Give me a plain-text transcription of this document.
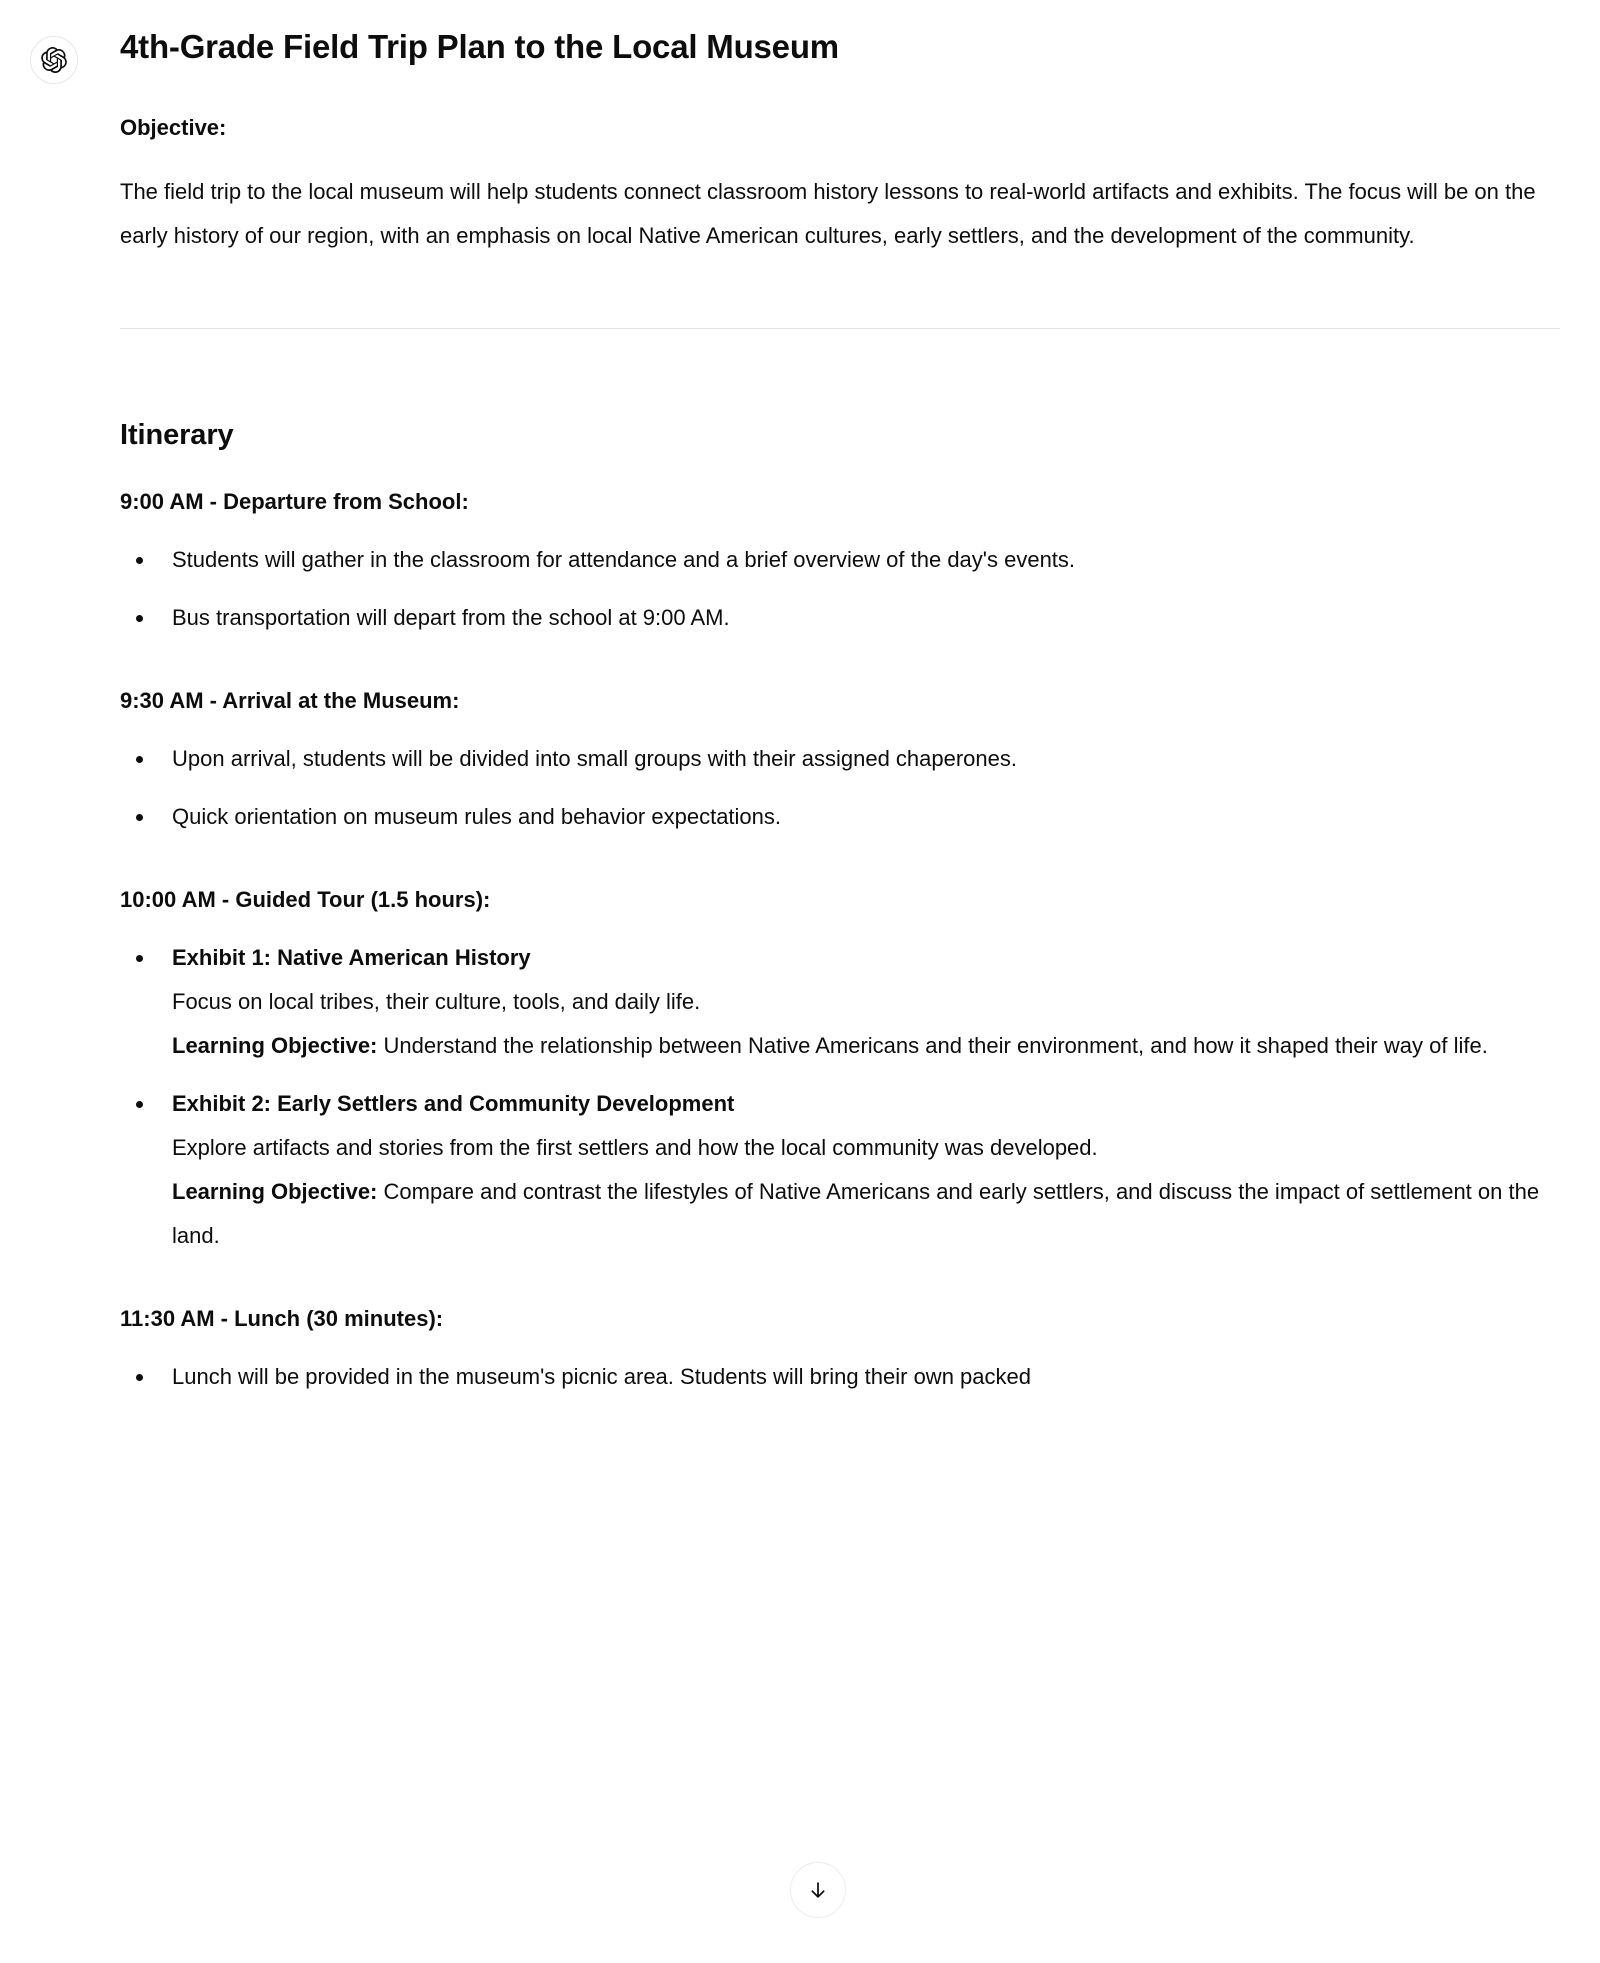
4th-Grade Field Trip Plan to the Local Museum

Objective:

The field trip to the local museum will help students connect classroom history lessons to real-world artifacts and exhibits. The focus will be on the early history of our region, with an emphasis on local Native American cultures, early settlers, and the development of the community.

Itinerary

9:00 AM - Departure from School:

Students will gather in the classroom for attendance and a brief overview of the day's events.
Bus transportation will depart from the school at 9:00 AM.

9:30 AM - Arrival at the Museum:

Upon arrival, students will be divided into small groups with their assigned chaperones.
Quick orientation on museum rules and behavior expectations.

10:00 AM - Guided Tour (1.5 hours):

Exhibit 1: Native American History
Focus on local tribes, their culture, tools, and daily life.
Learning Objective: Understand the relationship between Native Americans and their environment, and how it shaped their way of life.
Exhibit 2: Early Settlers and Community Development
Explore artifacts and stories from the first settlers and how the local community was developed.
Learning Objective: Compare and contrast the lifestyles of Native Americans and early settlers, and discuss the impact of settlement on the land.

11:30 AM - Lunch (30 minutes):

Lunch will be provided in the museum's picnic area. Students will bring their own packed
